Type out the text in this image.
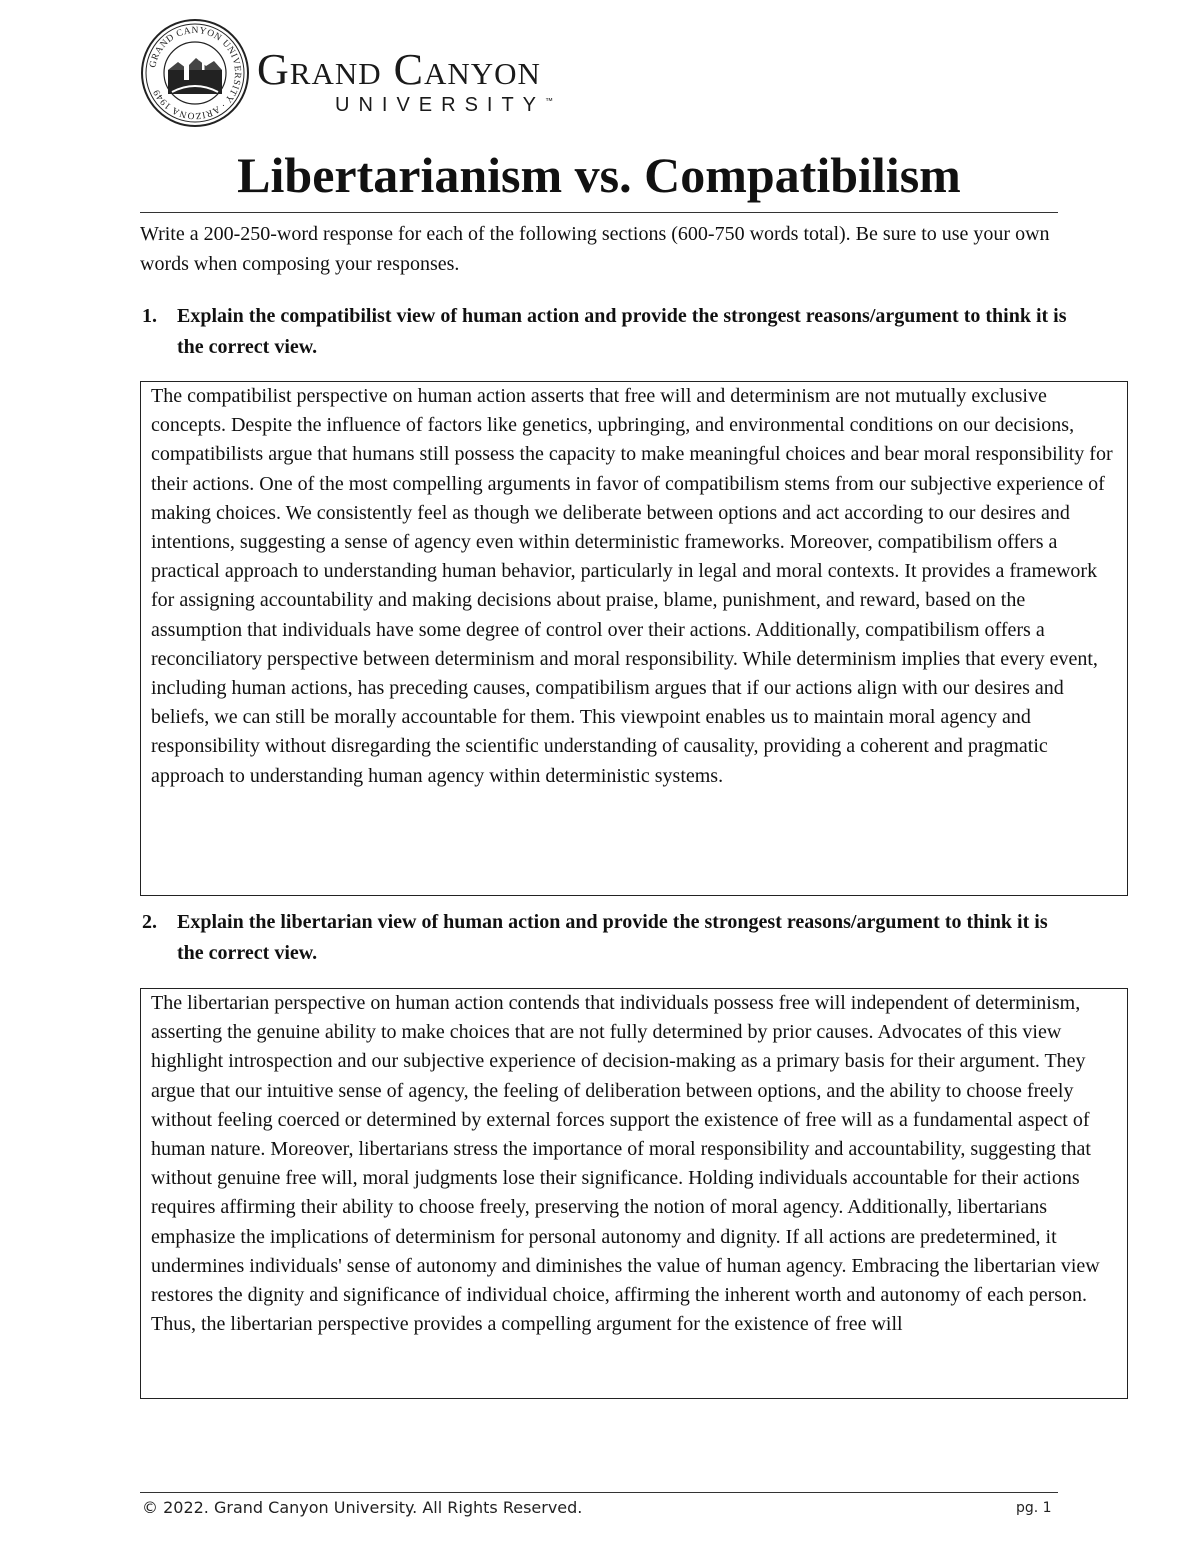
GRAND CANYON UNIVERSITY · ARIZONA 1949	Grand Canyon
UNIVERSITY™
Libertarianism vs. Compatibilism

Write a 200-250-word response for each of the following sections (600-750 words total). Be sure to use your own words when composing your responses.

1.	Explain the compatibilist view of human action and provide the strongest reasons/argument to think it is the correct view.

The compatibilist perspective on human action asserts that free will and determinism are not mutually exclusive concepts. Despite the influence of factors like genetics, upbringing, and environmental conditions on our decisions, compatibilists argue that humans still possess the capacity to make meaningful choices and bear moral responsibility for their actions. One of the most compelling arguments in favor of compatibilism stems from our subjective experience of making choices. We consistently feel as though we deliberate between options and act according to our desires and intentions, suggesting a sense of agency even within deterministic frameworks. Moreover, compatibilism offers a practical approach to understanding human behavior, particularly in legal and moral contexts. It provides a framework for assigning accountability and making decisions about praise, blame, punishment, and reward, based on the assumption that individuals have some degree of control over their actions. Additionally, compatibilism offers a reconciliatory perspective between determinism and moral responsibility. While determinism implies that every event, including human actions, has preceding causes, compatibilism argues that if our actions align with our desires and beliefs, we can still be morally accountable for them. This viewpoint enables us to maintain moral agency and responsibility without disregarding the scientific understanding of causality, providing a coherent and pragmatic approach to understanding human agency within deterministic systems.

2.	Explain the libertarian view of human action and provide the strongest reasons/argument to think it is the correct view.

The libertarian perspective on human action contends that individuals possess free will independent of determinism, asserting the genuine ability to make choices that are not fully determined by prior causes. Advocates of this view highlight introspection and our subjective experience of decision-making as a primary basis for their argument. They argue that our intuitive sense of agency, the feeling of deliberation between options, and the ability to choose freely without feeling coerced or determined by external forces support the existence of free will as a fundamental aspect of human nature. Moreover, libertarians stress the importance of moral responsibility and accountability, suggesting that without genuine free will, moral judgments lose their significance. Holding individuals accountable for their actions requires affirming their ability to choose freely, preserving the notion of moral agency. Additionally, libertarians emphasize the implications of determinism for personal autonomy and dignity. If all actions are predetermined, it undermines individuals' sense of autonomy and diminishes the value of human agency. Embracing the libertarian view restores the dignity and significance of individual choice, affirming the inherent worth and autonomy of each person. Thus, the libertarian perspective provides a compelling argument for the existence of free will

© 2022. Grand Canyon University. All Rights Reserved.	pg. 1
